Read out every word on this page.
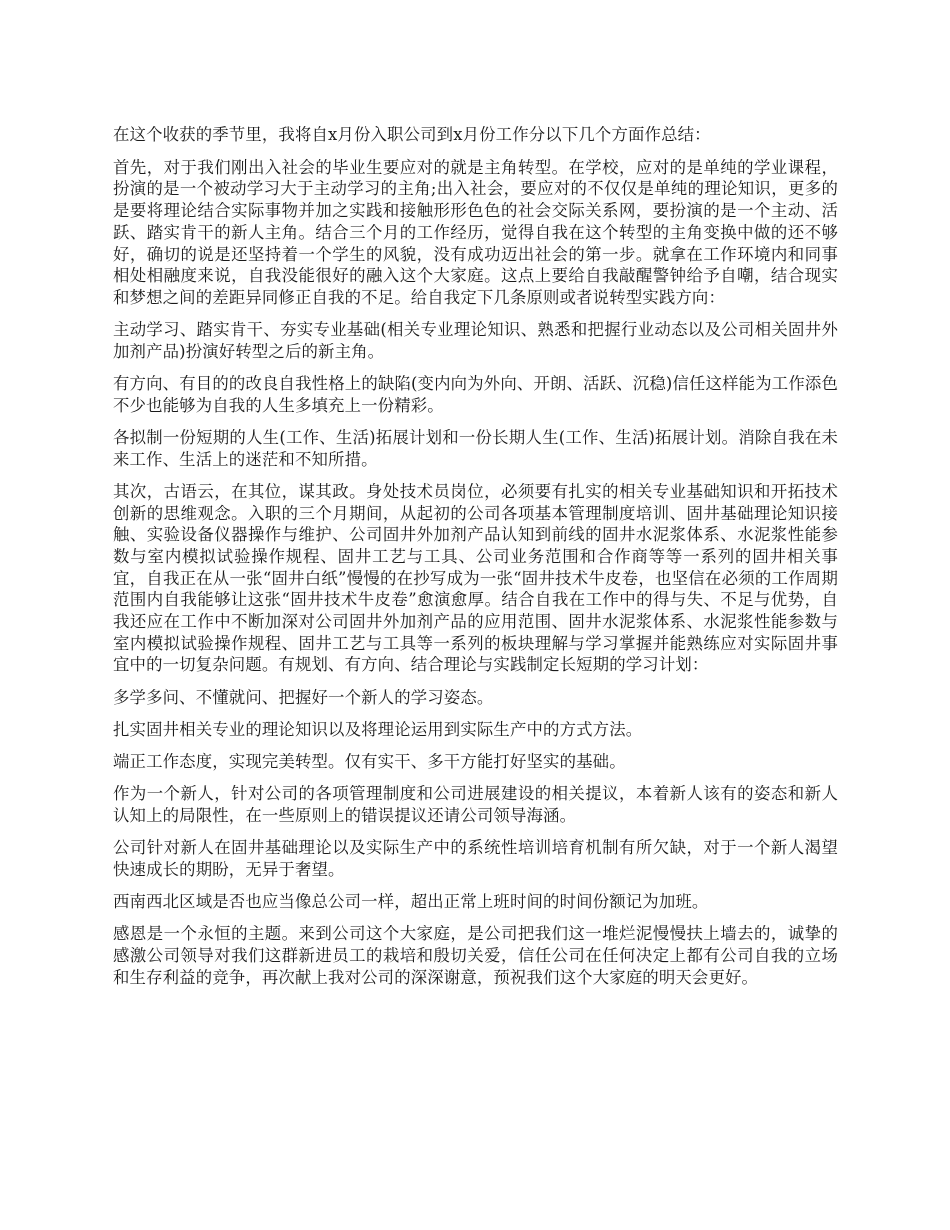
在这个收获的季节里，我将自x月份入职公司到x月份工作分以下几个方面作总结：

首先，对于我们刚出入社会的毕业生要应对的就是主角转型。在学校，应对的是单纯的学业课程，扮演的是一个被动学习大于主动学习的主角;出入社会，要应对的不仅仅是单纯的理论知识，更多的是要将理论结合实际事物并加之实践和接触形形色色的社会交际关系网，要扮演的是一个主动、活跃、踏实肯干的新人主角。结合三个月的工作经历，觉得自我在这个转型的主角变换中做的还不够好，确切的说是还坚持着一个学生的风貌，没有成功迈出社会的第一步。就拿在工作环境内和同事相处相融度来说，自我没能很好的融入这个大家庭。这点上要给自我敲醒警钟给予自嘲，结合现实和梦想之间的差距异同修正自我的不足。给自我定下几条原则或者说转型实践方向：

主动学习、踏实肯干、夯实专业基础(相关专业理论知识、熟悉和把握行业动态以及公司相关固井外加剂产品)扮演好转型之后的新主角。

有方向、有目的的改良自我性格上的缺陷(变内向为外向、开朗、活跃、沉稳)信任这样能为工作添色不少也能够为自我的人生多填充上一份精彩。

各拟制一份短期的人生(工作、生活)拓展计划和一份长期人生(工作、生活)拓展计划。消除自我在未来工作、生活上的迷茫和不知所措。

其次，古语云，在其位，谋其政。身处技术员岗位，必须要有扎实的相关专业基础知识和开拓技术创新的思维观念。入职的三个月期间，从起初的公司各项基本管理制度培训、固井基础理论知识接触、实验设备仪器操作与维护、公司固井外加剂产品认知到前线的固井水泥浆体系、水泥浆性能参数与室内模拟试验操作规程、固井工艺与工具、公司业务范围和合作商等等一系列的固井相关事宜，自我正在从一张“固井白纸”慢慢的在抄写成为一张“固井技术牛皮卷，也坚信在必须的工作周期范围内自我能够让这张“固井技术牛皮卷”愈演愈厚。结合自我在工作中的得与失、不足与优势，自我还应在工作中不断加深对公司固井外加剂产品的应用范围、固井水泥浆体系、水泥浆性能参数与室内模拟试验操作规程、固井工艺与工具等一系列的板块理解与学习掌握并能熟练应对实际固井事宜中的一切复杂问题。有规划、有方向、结合理论与实践制定长短期的学习计划：

多学多问、不懂就问、把握好一个新人的学习姿态。

扎实固井相关专业的理论知识以及将理论运用到实际生产中的方式方法。

端正工作态度，实现完美转型。仅有实干、多干方能打好坚实的基础。

作为一个新人，针对公司的各项管理制度和公司进展建设的相关提议，本着新人该有的姿态和新人认知上的局限性，在一些原则上的错误提议还请公司领导海涵。

公司针对新人在固井基础理论以及实际生产中的系统性培训培育机制有所欠缺，对于一个新人渴望快速成长的期盼，无异于奢望。

西南西北区域是否也应当像总公司一样，超出正常上班时间的时间份额记为加班。

感恩是一个永恒的主题。来到公司这个大家庭，是公司把我们这一堆烂泥慢慢扶上墙去的，诚挚的感激公司领导对我们这群新进员工的栽培和殷切关爱，信任公司在任何决定上都有公司自我的立场和生存利益的竞争，再次献上我对公司的深深谢意，预祝我们这个大家庭的明天会更好。
